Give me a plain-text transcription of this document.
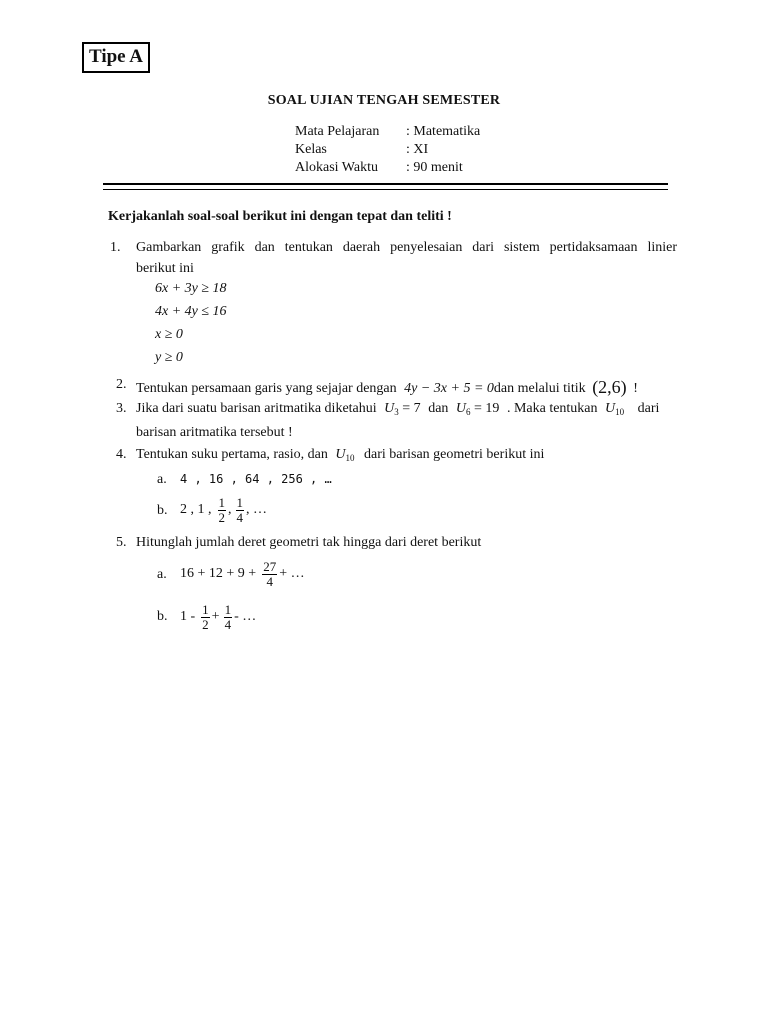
Tipe A
SOAL UJIAN TENGAH SEMESTER
Mata Pelajaran : Matematika
Kelas	: XI
Alokasi Waktu : 90 menit
Kerjakanlah soal-soal berikut ini dengan tepat dan teliti !
1. Gambarkan grafik dan tentukan daerah penyelesaian dari sistem pertidaksamaan linier
berikut ini
6x + 3y ≥ 18
4x + 4y ≤ 16
x ≥ 0
y ≥ 0
2. Tentukan persamaan garis yang sejajar dengan 4y − 3x + 5 = 0dan melalui titik (2,6) !
3. Jika dari suatu barisan aritmatika diketahui $U_3 = 7$ dan $U_6 = 19$ . Maka tentukan $U_{10}$ dari
barisan aritmatika tersebut !
4. Tentukan suku pertama, rasio, dan $U_{10}$ dari barisan geometri berikut ini
a. 4 , 16 , 64 , 256 , …
b. 2 , 1 , $\frac{1}{2}$ , $\frac{1}{4}$ , …
5. Hitunglah jumlah deret geometri tak hingga dari deret berikut
a. $16 + 12 + 9 + \frac{27}{4}$ + …
b. $1 - \frac{1}{2} + \frac{1}{4}$ - …
